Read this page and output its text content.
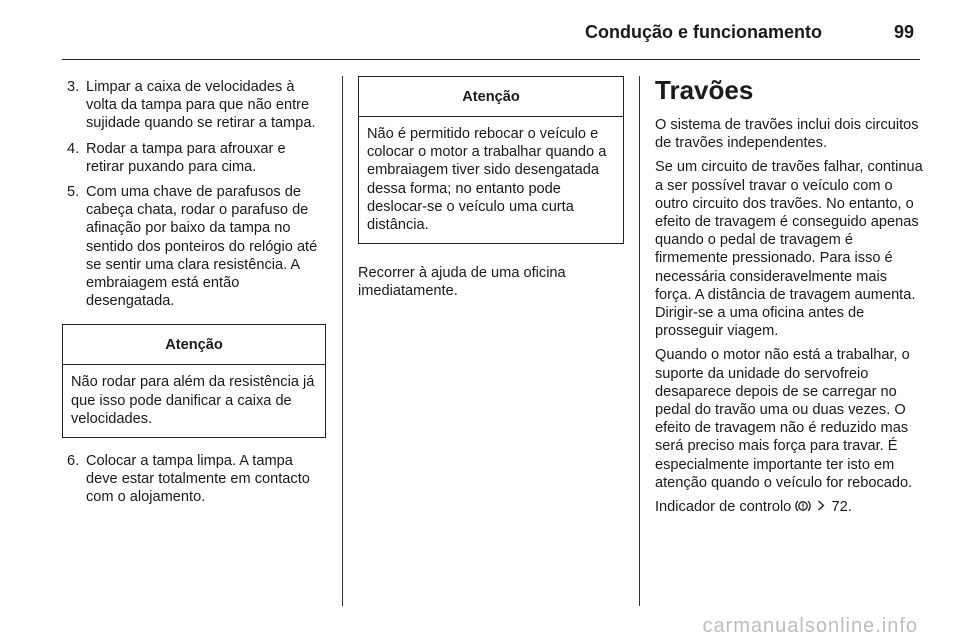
Condução e funcionamento	99
3. Limpar a caixa de velocidades à volta da tampa para que não entre sujidade quando se retirar a tampa.
4. Rodar a tampa para afrouxar e retirar puxando para cima.
5. Com uma chave de parafusos de cabeça chata, rodar o parafuso de afinação por baixo da tampa no sentido dos ponteiros do relógio até se sentir uma clara resistência. A embraiagem está então desengatada.
Atenção
Não rodar para além da resistência já que isso pode danificar a caixa de velocidades.
6. Colocar a tampa limpa. A tampa deve estar totalmente em contacto com o alojamento.
Atenção
Não é permitido rebocar o veículo e colocar o motor a trabalhar quando a embraiagem tiver sido desengatada dessa forma; no entanto pode deslocar-se o veículo uma curta distância.

Recorrer à ajuda de uma oficina imediatamente.

Travões

O sistema de travões inclui dois circuitos de travões independentes.

Se um circuito de travões falhar, continua a ser possível travar o veículo com o outro circuito dos travões. No entanto, o efeito de travagem é conseguido apenas quando o pedal de travagem é firmemente pressionado. Para isso é necessária consideravelmente mais força. A distância de travagem aumenta. Dirigir-se a uma oficina antes de prosseguir viagem.

Quando o motor não está a trabalhar, o suporte da unidade do servofreio desaparece depois de se carregar no pedal do travão uma ou duas vezes. O efeito de travagem não é reduzido mas será preciso mais força para travar. É especialmente importante ter isto em atenção quando o veículo for rebocado.

Indicador de controlo	72.

carmanualsonline.info
